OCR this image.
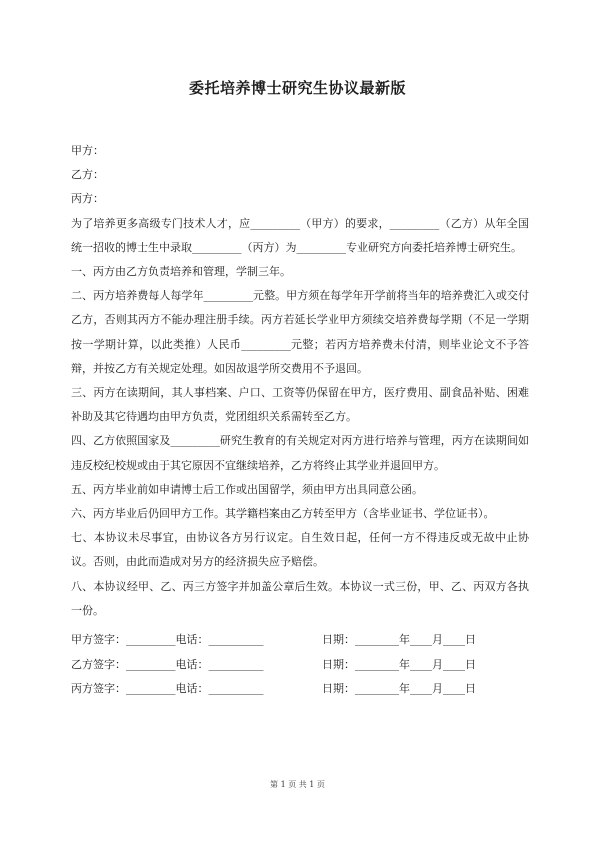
委托培养博士研究生协议最新版

甲方：

乙方：

丙方：

为了培养更多高级专门技术人才，应_________（甲方）的要求，_________（乙方）从年全国统一招收的博士生中录取_________（丙方）为_________专业研究方向委托培养博士研究生。

一、丙方由乙方负责培养和管理，学制三年。

二、丙方培养费每人每学年_________元整。甲方须在每学年开学前将当年的培养费汇入或交付乙方，否则其丙方不能办理注册手续。丙方若延长学业甲方须续交培养费每学期（不足一学期按一学期计算，以此类推）人民币_________元整；若丙方培养费未付清，则毕业论文不予答辩，并按乙方有关规定处理。如因故退学所交费用不予退回。

三、丙方在读期间，其人事档案、户口、工资等仍保留在甲方，医疗费用、副食品补贴、困难补助及其它待遇均由甲方负责，党团组织关系需转至乙方。

四、乙方依照国家及_________研究生教育的有关规定对丙方进行培养与管理，丙方在读期间如违反校纪校规或由于其它原因不宜继续培养，乙方将终止其学业并退回甲方。

五、丙方毕业前如申请博士后工作或出国留学，须由甲方出具同意公函。

六、丙方毕业后仍回甲方工作。其学籍档案由乙方转至甲方（含毕业证书、学位证书）。

七、本协议未尽事宜，由协议各方另行议定。自生效日起，任何一方不得违反或无故中止协议。否则，由此而造成对另方的经济损失应予赔偿。

八、本协议经甲、乙、丙三方签字并加盖公章后生效。本协议一式三份，甲、乙、丙双方各执一份。

甲方签字：_________电话：__________	日期：________年____月____日
乙方签字：_________电话：__________	日期：________年____月____日
丙方签字：_________电话：__________	日期：________年____月____日
第 1 页 共 1 页
